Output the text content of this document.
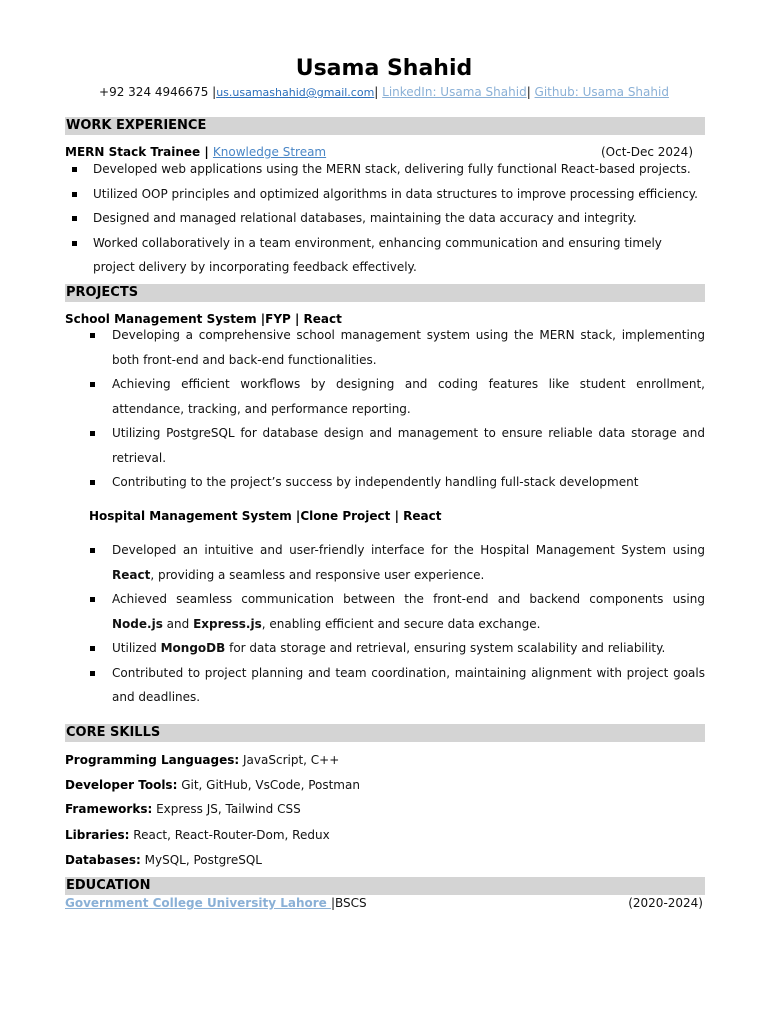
Usama Shahid
+92 324 4946675 |us.usamashahid@gmail.com| LinkedIn: Usama Shahid| Github: Usama Shahid
WORK EXPERIENCE
MERN Stack Trainee | Knowledge Stream	(Oct-Dec 2024)
Developed web applications using the MERN stack, delivering fully functional React-based projects.
Utilized OOP principles and optimized algorithms in data structures to improve processing efficiency.
Designed and managed relational databases, maintaining the data accuracy and integrity.
Worked collaboratively in a team environment, enhancing communication and ensuring timely project delivery by incorporating feedback effectively.
PROJECTS
School Management System |FYP | React
Developing a comprehensive school management system using the MERN stack, implementing both front-end and back-end functionalities.
Achieving efficient workflows by designing and coding features like student enrollment, attendance, tracking, and performance reporting.
Utilizing PostgreSQL for database design and management to ensure reliable data storage and retrieval.
Contributing to the project’s success by independently handling full-stack development
Hospital Management System |Clone Project | React
Developed an intuitive and user-friendly interface for the Hospital Management System using React, providing a seamless and responsive user experience.
Achieved seamless communication between the front-end and backend components using Node.js and Express.js, enabling efficient and secure data exchange.
Utilized MongoDB for data storage and retrieval, ensuring system scalability and reliability.
Contributed to project planning and team coordination, maintaining alignment with project goals and deadlines.
CORE SKILLS
Programming Languages: JavaScript, C++
Developer Tools: Git, GitHub, VsCode, Postman
Frameworks: Express JS, Tailwind CSS
Libraries: React, React-Router-Dom, Redux
Databases: MySQL, PostgreSQL
EDUCATION
Government College University Lahore |BSCS	(2020-2024)
